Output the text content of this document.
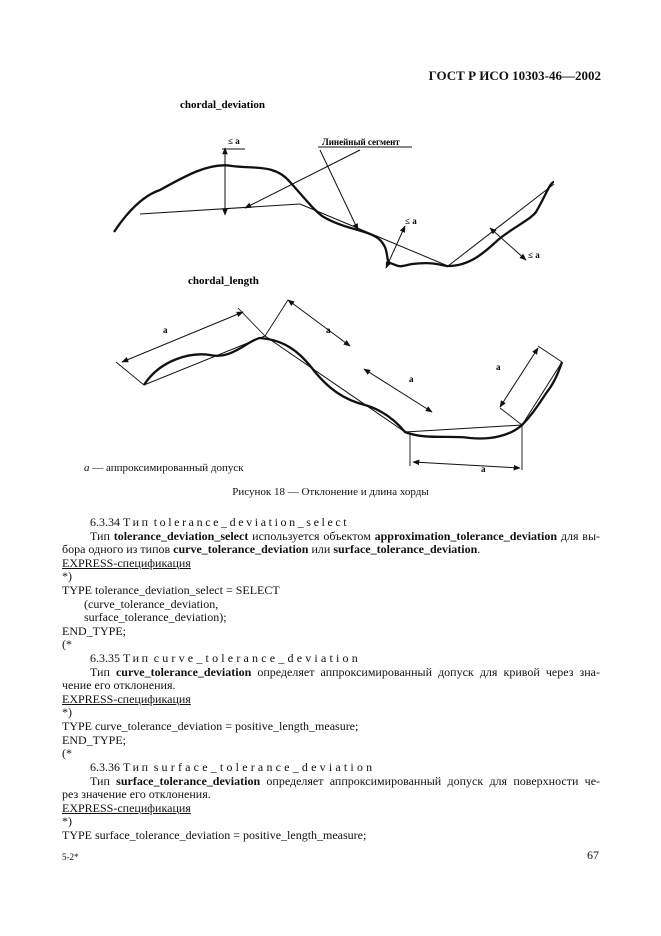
ГОСТ Р ИСО 10303-46—2002
chordal_deviation
≤ a	Линейный сегмент
≤ a
≤ a
chordal_length
a	a
a
a
a
a — аппроксимированный допуск
Рисунок 18 — Отклонение и длина хорды
6.3.34 Тип tolerance_deviation_select
Тип tolerance_deviation_select используется объектом approximation_tolerance_deviation для вы-
бора одного из типов curve_tolerance_deviation или surface_tolerance_deviation.
EXPRESS-спецификация
*)
TYPE tolerance_deviation_select = SELECT
(curve_tolerance_deviation,
surface_tolerance_deviation);
END_TYPE;
(*
6.3.35 Тип curve_tolerance_deviation
Тип curve_tolerance_deviation определяет аппроксимированный допуск для кривой через зна-
чение его отклонения.
EXPRESS-спецификация
*)
TYPE curve_tolerance_deviation = positive_length_measure;
END_TYPE;
(*
6.3.36 Тип surface_tolerance_deviation
Тип surface_tolerance_deviation определяет аппроксимированный допуск для поверхности че-
рез значение его отклонения.
EXPRESS-спецификация
*)
TYPE surface_tolerance_deviation = positive_length_measure;
5-2*	67
